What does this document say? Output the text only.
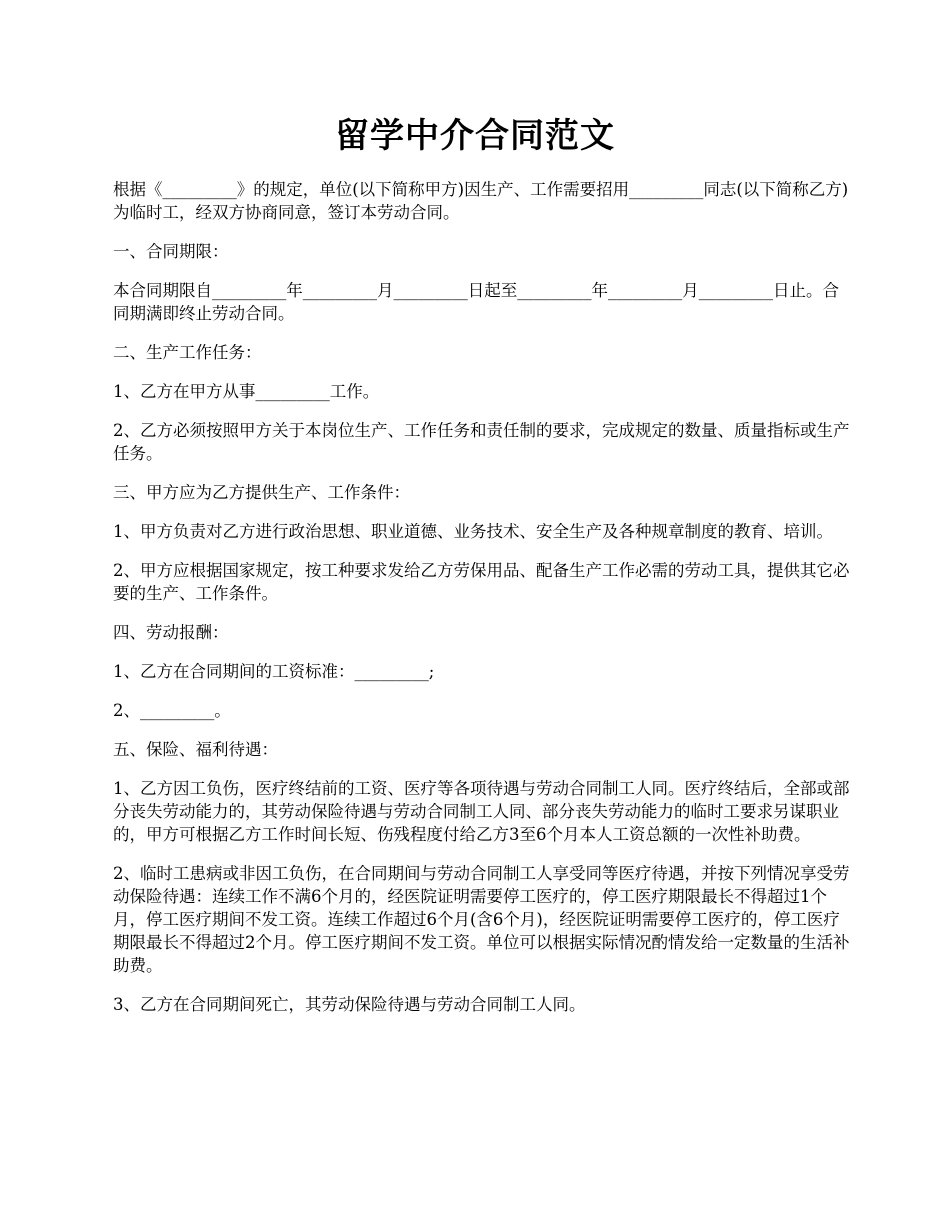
留学中介合同范文

根据《_________》的规定，单位(以下简称甲方)因生产、工作需要招用_________同志(以下简称乙方)为临时工，经双方协商同意，签订本劳动合同。

一、合同期限：

本合同期限自_________年_________月_________日起至_________年_________月_________日止。合同期满即终止劳动合同。

二、生产工作任务：

1、乙方在甲方从事_________工作。

2、乙方必须按照甲方关于本岗位生产、工作任务和责任制的要求，完成规定的数量、质量指标或生产任务。

三、甲方应为乙方提供生产、工作条件：

1、甲方负责对乙方进行政治思想、职业道德、业务技术、安全生产及各种规章制度的教育、培训。

2、甲方应根据国家规定，按工种要求发给乙方劳保用品、配备生产工作必需的劳动工具，提供其它必要的生产、工作条件。

四、劳动报酬：

1、乙方在合同期间的工资标准：_________;

2、_________。

五、保险、福利待遇：

1、乙方因工负伤，医疗终结前的工资、医疗等各项待遇与劳动合同制工人同。医疗终结后，全部或部分丧失劳动能力的，其劳动保险待遇与劳动合同制工人同、部分丧失劳动能力的临时工要求另谋职业的，甲方可根据乙方工作时间长短、伤残程度付给乙方3至6个月本人工资总额的一次性补助费。

2、临时工患病或非因工负伤，在合同期间与劳动合同制工人享受同等医疗待遇，并按下列情况享受劳动保险待遇：连续工作不满6个月的，经医院证明需要停工医疗的，停工医疗期限最长不得超过1个月，停工医疗期间不发工资。连续工作超过6个月(含6个月)，经医院证明需要停工医疗的，停工医疗期限最长不得超过2个月。停工医疗期间不发工资。单位可以根据实际情况酌情发给一定数量的生活补助费。

3、乙方在合同期间死亡，其劳动保险待遇与劳动合同制工人同。
